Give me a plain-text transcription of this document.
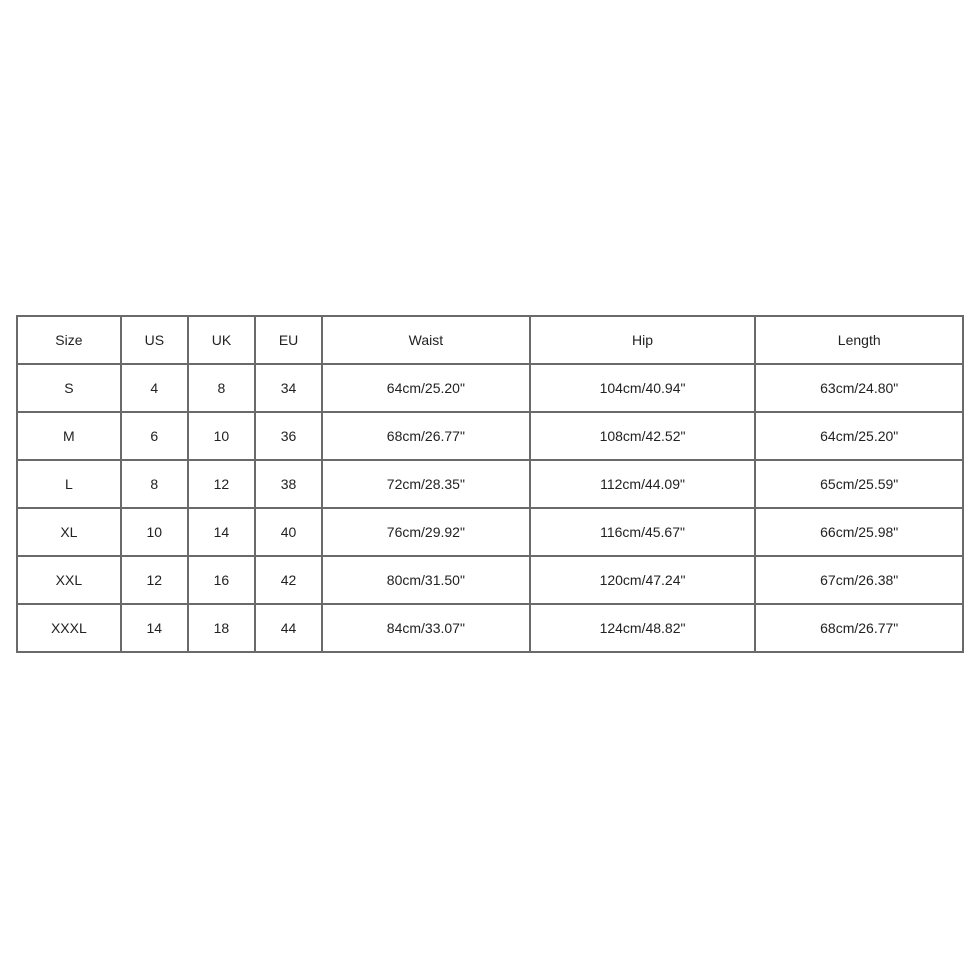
Size	US	UK	EU	Waist	Hip	Length
S	4	8	34	64cm/25.20"	104cm/40.94"	63cm/24.80"
M	6	10	36	68cm/26.77"	108cm/42.52"	64cm/25.20"
L	8	12	38	72cm/28.35"	112cm/44.09"	65cm/25.59"
XL	10	14	40	76cm/29.92"	116cm/45.67"	66cm/25.98"
XXL	12	16	42	80cm/31.50"	120cm/47.24"	67cm/26.38"
XXXL	14	18	44	84cm/33.07"	124cm/48.82"	68cm/26.77"
